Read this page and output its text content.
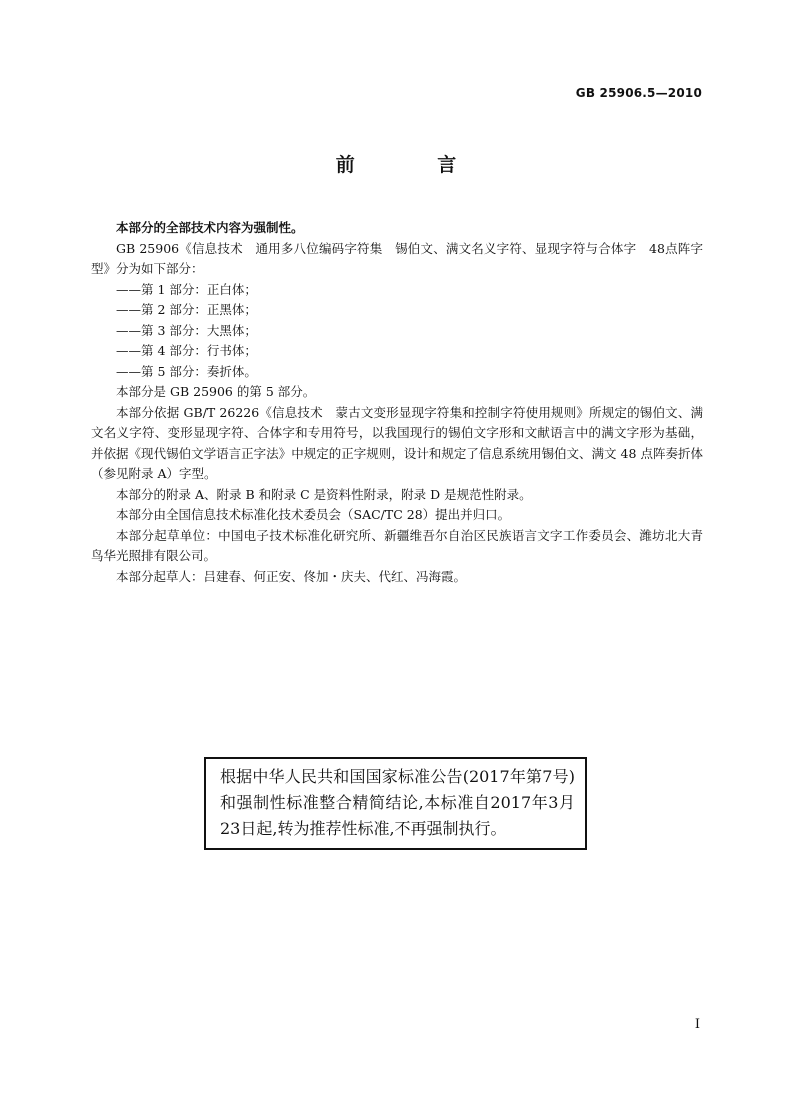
GB 25906.5—2010
前 言

本部分的全部技术内容为强制性。

GB 25906《信息技术　通用多八位编码字符集　锡伯文、满文名义字符、显现字符与合体字　48点阵字型》分为如下部分：

——第 1 部分：正白体；

——第 2 部分：正黑体；

——第 3 部分：大黑体；

——第 4 部分：行书体；

——第 5 部分：奏折体。

本部分是 GB 25906 的第 5 部分。

本部分依据 GB/T 26226《信息技术　蒙古文变形显现字符集和控制字符使用规则》所规定的锡伯文、满文名义字符、变形显现字符、合体字和专用符号，以我国现行的锡伯文字形和文献语言中的满文字形为基础，并依据《现代锡伯文学语言正字法》中规定的正字规则，设计和规定了信息系统用锡伯文、满文 48 点阵奏折体（参见附录 A）字型。

本部分的附录 A、附录 B 和附录 C 是资料性附录，附录 D 是规范性附录。

本部分由全国信息技术标准化技术委员会（SAC/TC 28）提出并归口。

本部分起草单位：中国电子技术标准化研究所、新疆维吾尔自治区民族语言文字工作委员会、潍坊北大青鸟华光照排有限公司。

本部分起草人：吕建春、何正安、佟加・庆夫、代红、冯海霞。

根据中华人民共和国国家标准公告(2017年第7号)和强制性标准整合精简结论,本标准自2017年3月23日起,转为推荐性标准,不再强制执行。
I
